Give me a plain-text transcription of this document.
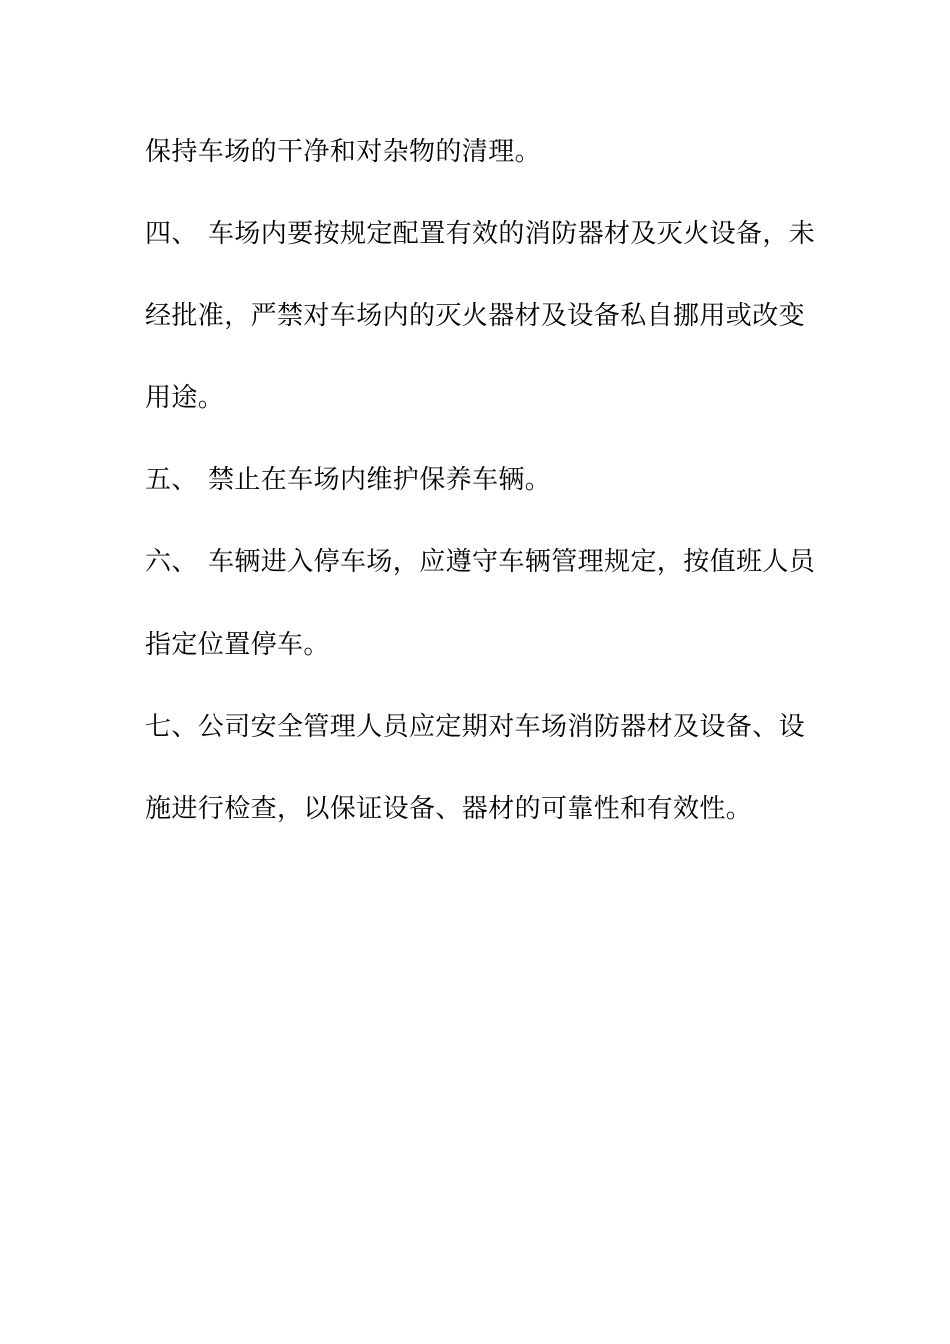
保持车场的干净和对杂物的清理。
四、 车场内要按规定配置有效的消防器材及灭火设备，未
经批准，严禁对车场内的灭火器材及设备私自挪用或改变
用途。
五、 禁止在车场内维护保养车辆。
六、 车辆进入停车场，应遵守车辆管理规定，按值班人员
指定位置停车。
七、公司安全管理人员应定期对车场消防器材及设备、设
施进行检查，以保证设备、器材的可靠性和有效性。
